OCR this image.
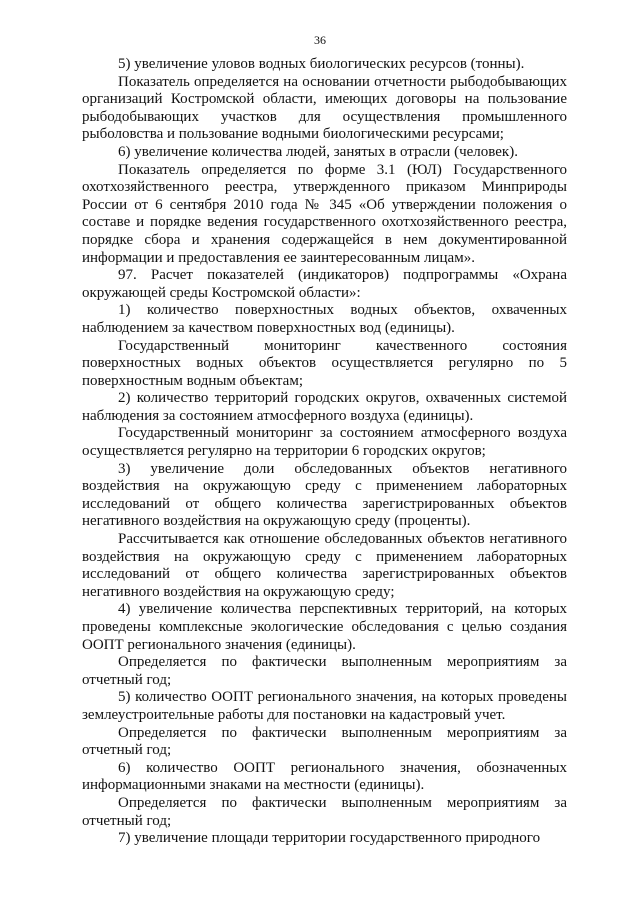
36

5) увеличение уловов водных биологических ресурсов (тонны).

Показатель определяется на основании отчетности рыбодобывающих организаций Костромской области, имеющих договоры на пользование рыбодобывающих участков для осуществления промышленного рыболовства и пользование водными биологическими ресурсами;

6) увеличение количества людей, занятых в отрасли (человек).

Показатель определяется по форме 3.1 (ЮЛ) Государственного охотхозяйственного реестра, утвержденного приказом Минприроды России от 6 сентября 2010 года № 345 «Об утверждении положения о составе и порядке ведения государственного охотхозяйственного реестра, порядке сбора и хранения содержащейся в нем документированной информации и предоставления ее заинтересованным лицам».

97. Расчет показателей (индикаторов) подпрограммы «Охрана окружающей среды Костромской области»:

1) количество поверхностных водных объектов, охваченных наблюдением за качеством поверхностных вод (единицы).

Государственный мониторинг качественного состояния поверхностных водных объектов осуществляется регулярно по 5 поверхностным водным объектам;

2) количество территорий городских округов, охваченных системой наблюдения за состоянием атмосферного воздуха (единицы).

Государственный мониторинг за состоянием атмосферного воздуха осуществляется регулярно на территории 6 городских округов;

3) увеличение доли обследованных объектов негативного воздействия на окружающую среду с применением лабораторных исследований от общего количества зарегистрированных объектов негативного воздействия на окружающую среду (проценты).

Рассчитывается как отношение обследованных объектов негативного воздействия на окружающую среду с применением лабораторных исследований от общего количества зарегистрированных объектов негативного воздействия на окружающую среду;

4) увеличение количества перспективных территорий, на которых проведены комплексные экологические обследования с целью создания ООПТ регионального значения (единицы).

Определяется по фактически выполненным мероприятиям за отчетный год;

5) количество ООПТ регионального значения, на которых проведены землеустроительные работы для постановки на кадастровый учет.

Определяется по фактически выполненным мероприятиям за отчетный год;

6) количество ООПТ регионального значения, обозначенных информационными знаками на местности (единицы).

Определяется по фактически выполненным мероприятиям за отчетный год;

7) увеличение площади территории государственного природного
